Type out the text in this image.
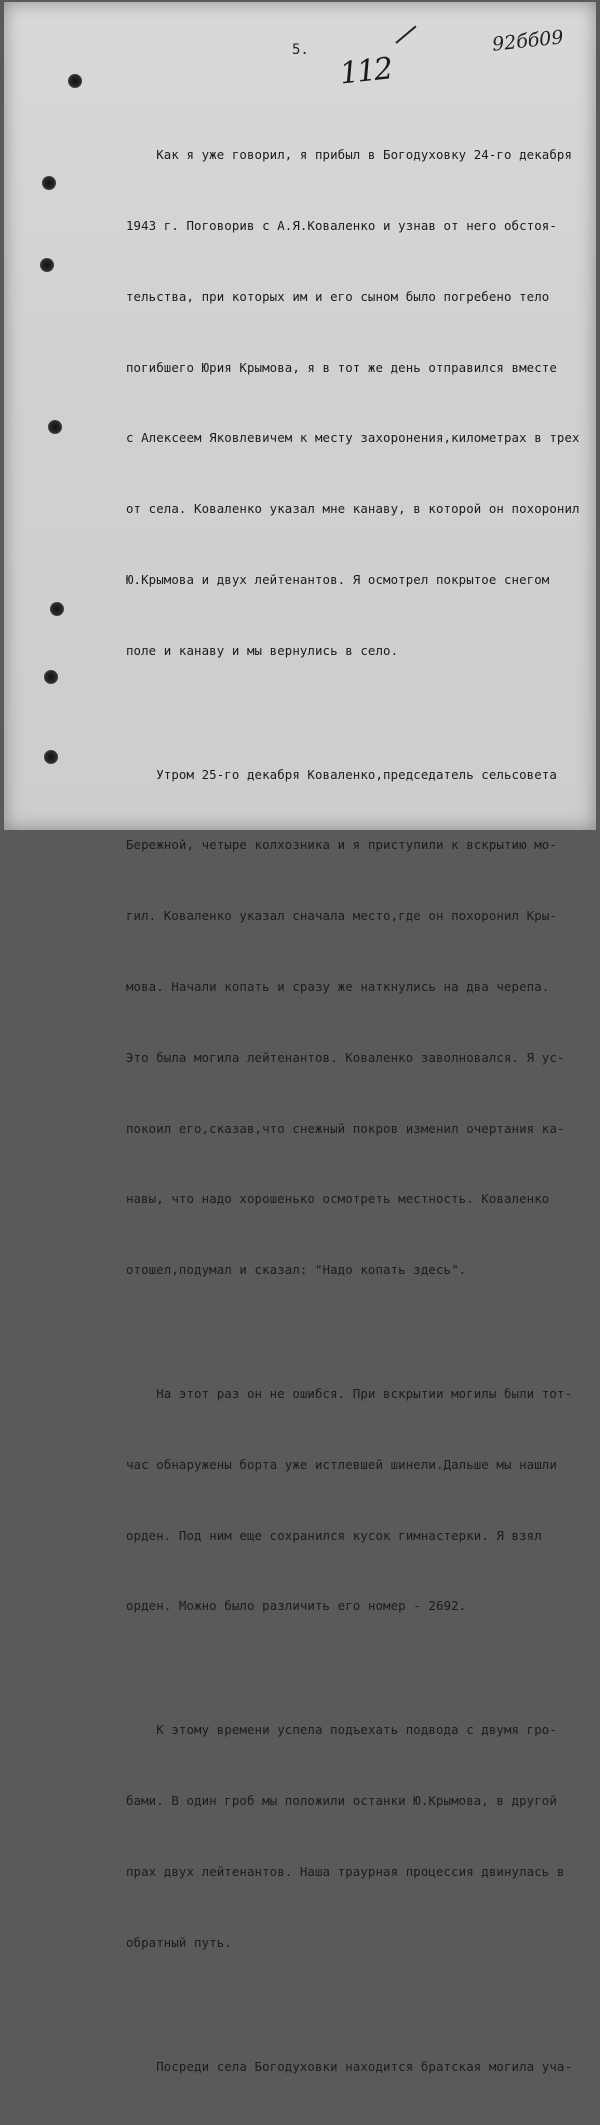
5.
112
92бб09

Как я уже говорил, я прибыл в Богодуховку 24-го декабря

1943 г. Поговорив с А.Я.Коваленко и узнав от него обстоя-

тельства, при которых им и его сыном было погребено тело

погибшего Юрия Крымова, я в тот же день отправился вместе

с Алексеем Яковлевичем к месту захоронения,километрах в трех

от села. Коваленко указал мне канаву, в которой он похоронил

Ю.Крымова и двух лейтенантов. Я осмотрел покрытое снегом

поле и канаву и мы вернулись в село.

Утром 25-го декабря Коваленко,председатель сельсовета

Бережной, четыре колхозника и я приступили к вскрытию мо-

гил. Коваленко указал сначала место,где он похоронил Кры-

мова. Начали копать и сразу же наткнулись на два черепа.

Это была могила лейтенантов. Коваленко заволновался. Я ус-

покоил его,сказав,что снежный покров изменил очертания ка-

навы, что надо хорошенько осмотреть местность. Коваленко

отошел,подумал и сказал: "Надо копать здесь".

На этот раз он не ошибся. При вскрытии могилы были тот-

час обнаружены борта уже истлевшей шинели.Дальше мы нашли

орден. Под ним еще сохранился кусок гимнастерки. Я взял

орден. Можно было различить его номер - 2692.

К этому времени успела подъехать подвода с двумя гро-

бами. В один гроб мы положили останки Ю.Крымова, в другой

прах двух лейтенантов. Наша траурная процессия двинулась в

обратный путь.

Посреди села Богодуховки находится братская могила уча-
